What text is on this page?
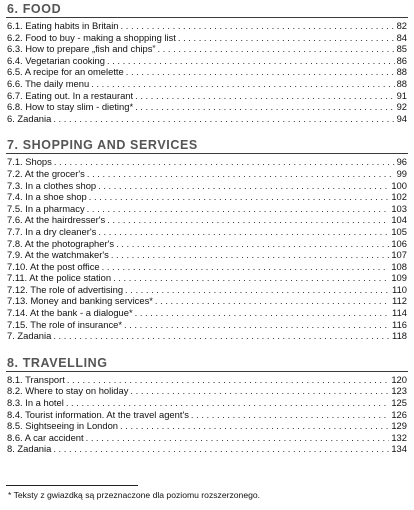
6. FOOD
6.1. Eating habits in Britain . . .	82
6.2. Food to buy - making a shopping list . . .	84
6.3. How to prepare „fish and chips” . . .	85
6.4. Vegetarian cooking . . .	86
6.5. A recipe for an omelette . . .	88
6.6. The daily menu . . .	88
6.7. Eating out. In a restaurant . . .	91
6.8. How to stay slim - dieting* . . .	92
6. Zadania . . .	94
7. SHOPPING AND SERVICES
7.1. Shops . . .	96
7.2. At the grocer's . . .	99
7.3. In a clothes shop . . .	100
7.4. In a shoe shop . . .	102
7.5. In a pharmacy . . .	103
7.6. At the hairdresser's . . .	104
7.7. In a dry cleaner's . . .	105
7.8. At the photographer's . . .	106
7.9. At the watchmaker's . . .	107
7.10. At the post office . . .	108
7.11. At the police station . . .	109
7.12. The role of advertising . . .	110
7.13. Money and banking services* . . .	112
7.14. At the bank - a dialogue* . . .	114
7.15. The role of insurance* . . .	116
7. Zadania . . .	118
8. TRAVELLING
8.1. Transport . . .	120
8.2. Where to stay on holiday . . .	123
8.3. In a hotel . . .	125
8.4. Tourist information. At the travel agent's . . .	126
8.5. Sightseeing in London . . .	129
8.6. A car accident . . .	132
8. Zadania . . .	134
* Teksty z gwiazdką są przeznaczone dla poziomu rozszerzonego.
